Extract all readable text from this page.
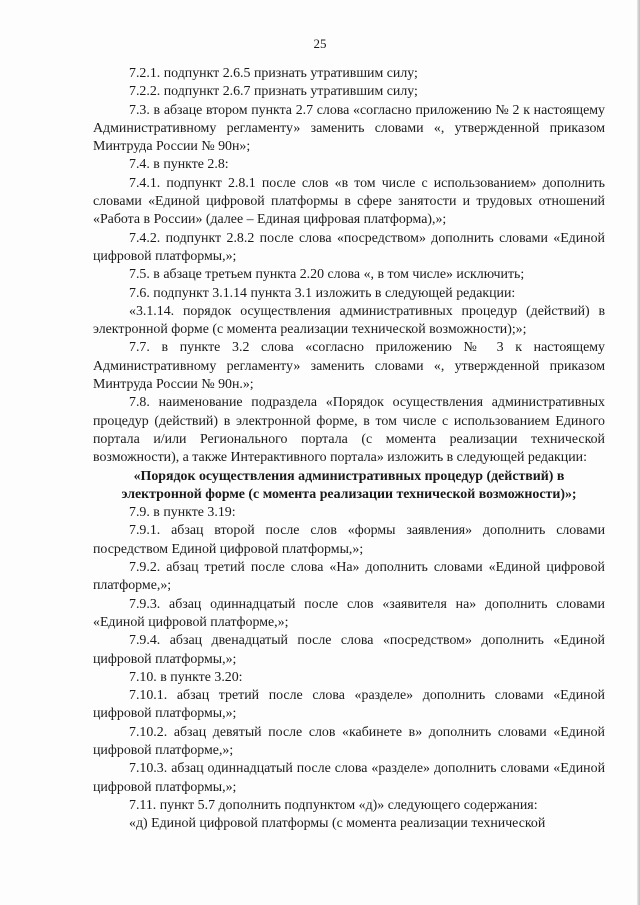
25

7.2.1. подпункт 2.6.5 признать утратившим силу;

7.2.2. подпункт 2.6.7 признать утратившим силу;

7.3. в абзаце втором пункта 2.7 слова «согласно приложению № 2 к настоящему Административному регламенту» заменить словами «, утвержденной приказом Минтруда России № 90н»;

7.4. в пункте 2.8:

7.4.1. подпункт 2.8.1 после слов «в том числе с использованием» дополнить словами «Единой цифровой платформы в сфере занятости и трудовых отношений «Работа в России» (далее – Единая цифровая платформа),»;

7.4.2. подпункт 2.8.2 после слова «посредством» дополнить словами «Единой цифровой платформы,»;

7.5. в абзаце третьем пункта 2.20 слова «, в том числе» исключить;

7.6. подпункт 3.1.14 пункта 3.1 изложить в следующей редакции:

«3.1.14. порядок осуществления административных процедур (действий) в электронной форме (с момента реализации технической возможности);»;

7.7. в пункте 3.2 слова «согласно приложению № 3 к настоящему Административному регламенту» заменить словами «, утвержденной приказом Минтруда России № 90н.»;

7.8. наименование подраздела «Порядок осуществления административных процедур (действий) в электронной форме, в том числе с использованием Единого портала и/или Регионального портала (с момента реализации технической возможности), а также Интерактивного портала» изложить в следующей редакции:

«Порядок осуществления административных процедур (действий) в электронной форме (с момента реализации технической возможности)»;

7.9. в пункте 3.19:

7.9.1. абзац второй после слов «формы заявления» дополнить словами посредством Единой цифровой платформы,»;

7.9.2. абзац третий после слова «На» дополнить словами «Единой цифровой платформе,»;

7.9.3. абзац одиннадцатый после слов «заявителя на» дополнить словами «Единой цифровой платформе,»;

7.9.4. абзац двенадцатый после слова «посредством» дополнить «Единой цифровой платформы,»;

7.10. в пункте 3.20:

7.10.1. абзац третий после слова «разделе» дополнить словами «Единой цифровой платформы,»;

7.10.2. абзац девятый после слов «кабинете в» дополнить словами «Единой цифровой платформе,»;

7.10.3. абзац одиннадцатый после слова «разделе» дополнить словами «Единой цифровой платформы,»;

7.11. пункт 5.7 дополнить подпунктом «д)» следующего содержания:

«д) Единой цифровой платформы (с момента реализации технической
